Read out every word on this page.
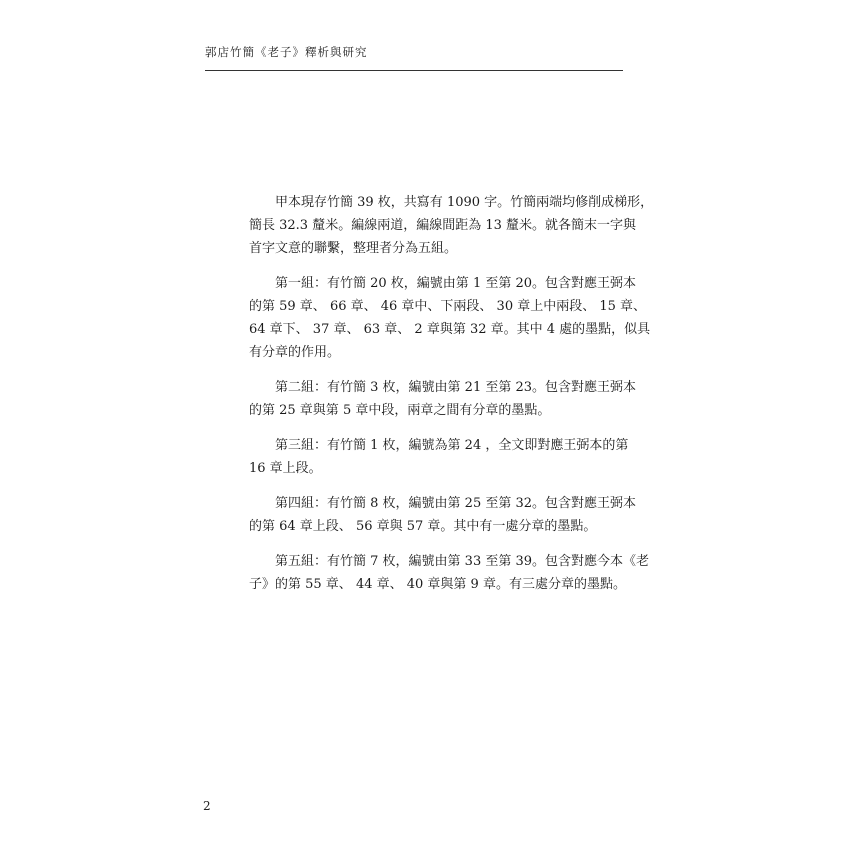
郭店竹簡《老子》釋析與研究

甲本現存竹簡 39 枚，共寫有 1090 字。竹簡兩端均修削成梯形，
簡長 32.3 釐米。編線兩道，編線間距為 13 釐米。就各簡末一字與
首字文意的聯繫，整理者分為五組。

第一組：有竹簡 20 枚，編號由第 1 至第 20。包含對應王弼本
的第 59 章、 66 章、 46 章中、下兩段、 30 章上中兩段、 15 章、
64 章下、 37 章、 63 章、 2 章與第 32 章。其中 4 處的墨點，似具
有分章的作用。

第二組：有竹簡 3 枚，編號由第 21 至第 23。包含對應王弼本
的第 25 章與第 5 章中段，兩章之間有分章的墨點。

第三組：有竹簡 1 枚，編號為第 24 ，全文即對應王弼本的第
16 章上段。

第四組：有竹簡 8 枚，編號由第 25 至第 32。包含對應王弼本
的第 64 章上段、 56 章與 57 章。其中有一處分章的墨點。

第五組：有竹簡 7 枚，編號由第 33 至第 39。包含對應今本《老
子》的第 55 章、 44 章、 40 章與第 9 章。有三處分章的墨點。

2
